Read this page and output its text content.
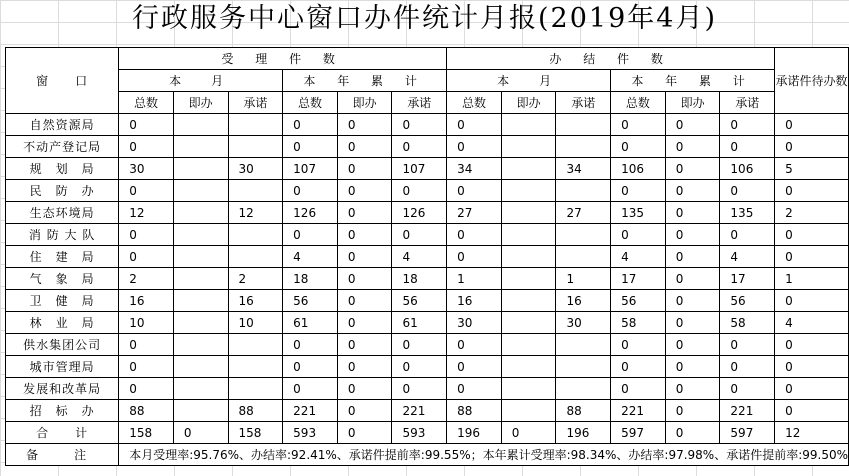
行政服务中心窗口办件统计月报(2019年4月)
窗　　口	受 理 件 数						办 结 件 数						承诺件待办数
	本　月			本 年 累 计			本　月			本 年 累 计			
	总数	即办	承诺	总数	即办	承诺	总数	即办	承诺	总数	即办	承诺	
自然资源局	0			0	0	0	0			0	0	0	0
不动产登记局	0			0	0	0	0			0	0	0	0
规　划　局	30		30	107	0	107	34		34	106	0	106	5
民　防　办	0			0	0	0	0			0	0	0	0
生态环境局	12		12	126	0	126	27		27	135	0	135	2
消 防 大 队	0			0	0	0	0			0	0	0	0
住　建　局	0			4	0	4	0			4	0	4	0
气　象　局	2		2	18	0	18	1		1	17	0	17	1
卫　健　局	16		16	56	0	56	16		16	56	0	56	0
林　业　局	10		10	61	0	61	30		30	58	0	58	4
供水集团公司	0			0	0	0	0			0	0	0	0
城市管理局	0			0	0	0	0			0	0	0	0
发展和改革局	0			0	0	0	0			0	0	0	0
招　标　办	88		88	221	0	221	88		88	221	0	221	0
合　　计	158	0	158	593	0	593	196	0	196	597	0	597	12
备　注	本月受理率:95.76%、办结率:92.41%、承诺件提前率:99.55%；本年累计受理率:98.34%、办结率:97.98%、承诺件提前率:99.50%												
